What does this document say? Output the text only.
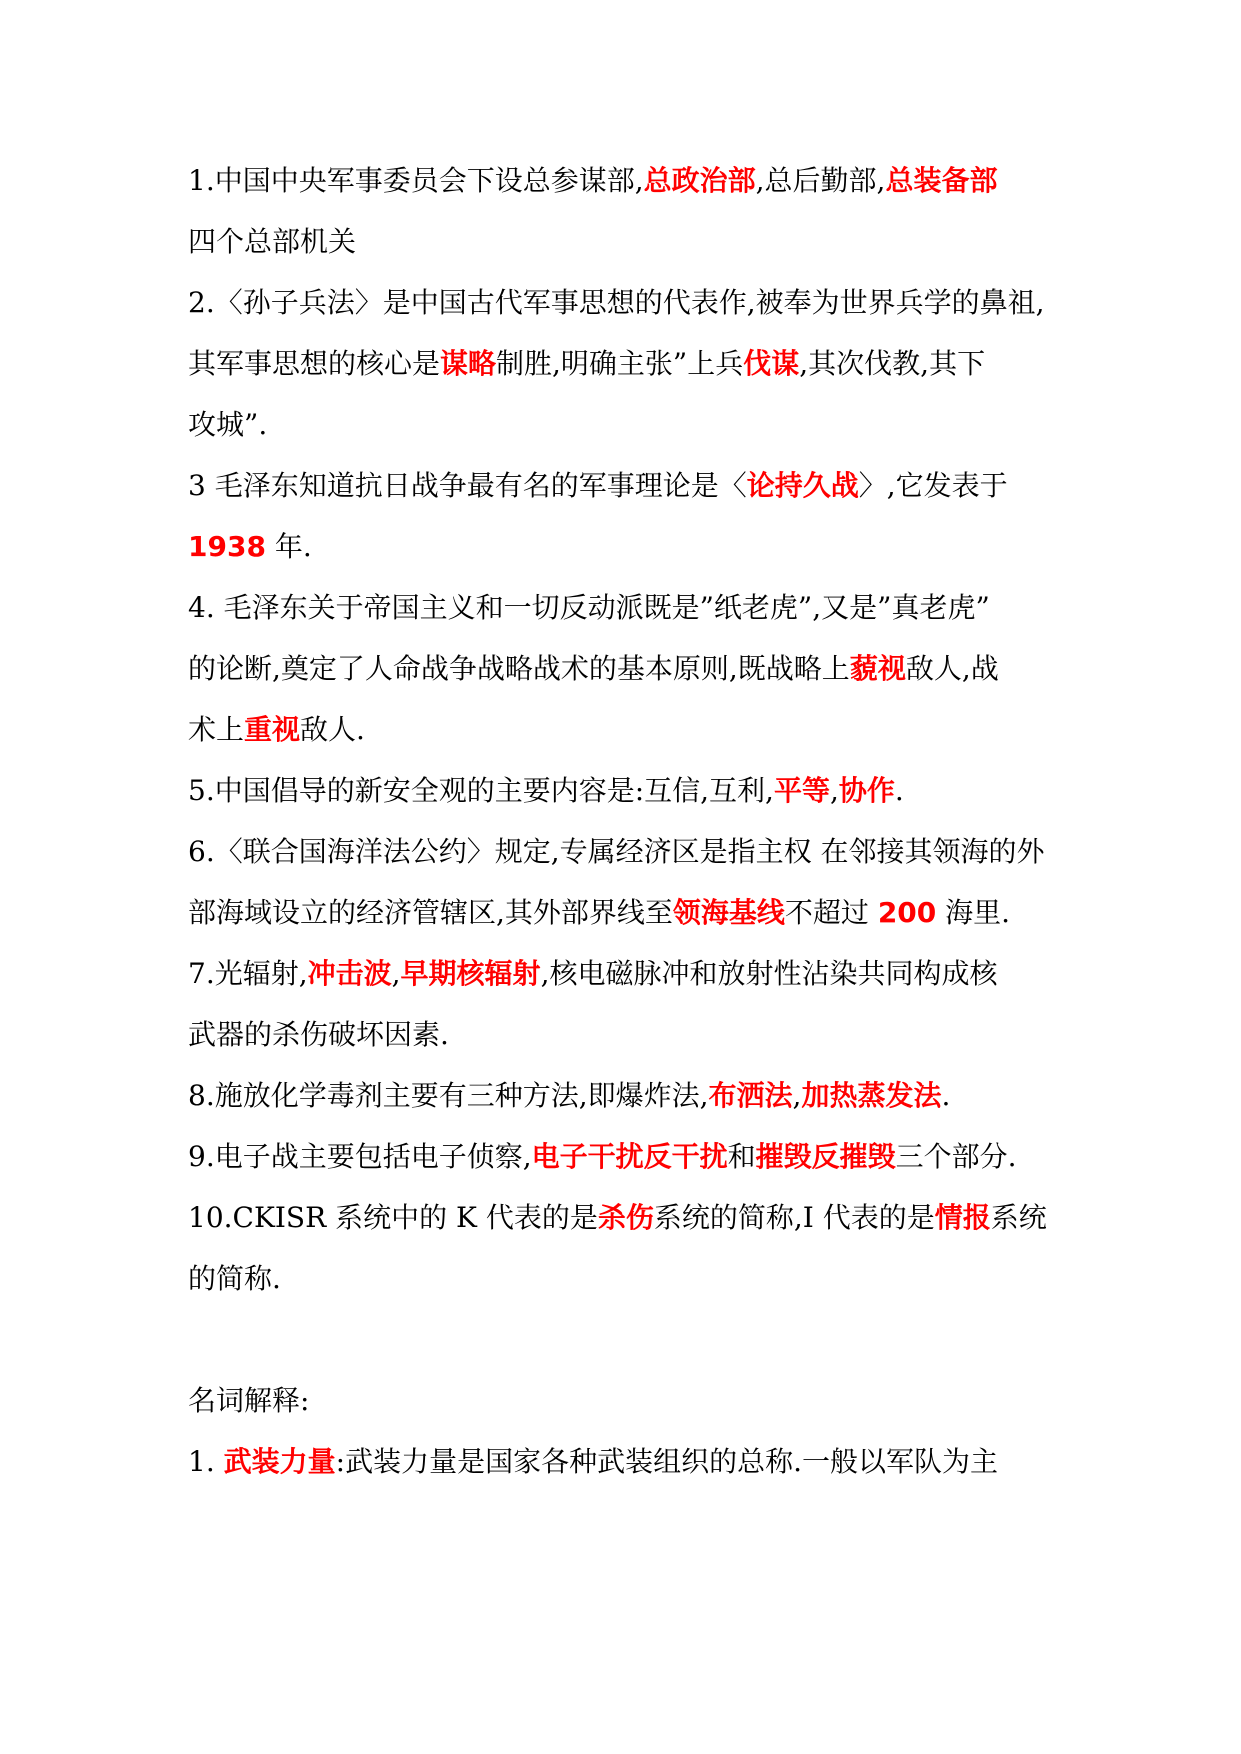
1.中国中央军事委员会下设总参谋部,总政治部,总后勤部,总装备部

四个总部机关

2.〈孙子兵法〉是中国古代军事思想的代表作,被奉为世界兵学的鼻祖,

其军事思想的核心是谋略制胜,明确主张”上兵伐谋,其次伐教,其下

攻城”.

3 毛泽东知道抗日战争最有名的军事理论是〈论持久战〉,它发表于

1938 年.

4. 毛泽东关于帝国主义和一切反动派既是”纸老虎”,又是”真老虎”

的论断,奠定了人命战争战略战术的基本原则,既战略上藐视敌人,战

术上重视敌人.

5.中国倡导的新安全观的主要内容是:互信,互利,平等,协作.

6.〈联合国海洋法公约〉规定,专属经济区是指主权 在邻接其领海的外

部海域设立的经济管辖区,其外部界线至领海基线不超过 200 海里.

7.光辐射,冲击波,早期核辐射,核电磁脉冲和放射性沾染共同构成核

武器的杀伤破坏因素.

8.施放化学毒剂主要有三种方法,即爆炸法,布洒法,加热蒸发法.

9.电子战主要包括电子侦察,电子干扰反干扰和摧毁反摧毁三个部分.

10.CKISR 系统中的 K 代表的是杀伤系统的简称,I 代表的是情报系统

的简称.

名词解释:

1. 武装力量:武装力量是国家各种武装组织的总称.一般以军队为主
